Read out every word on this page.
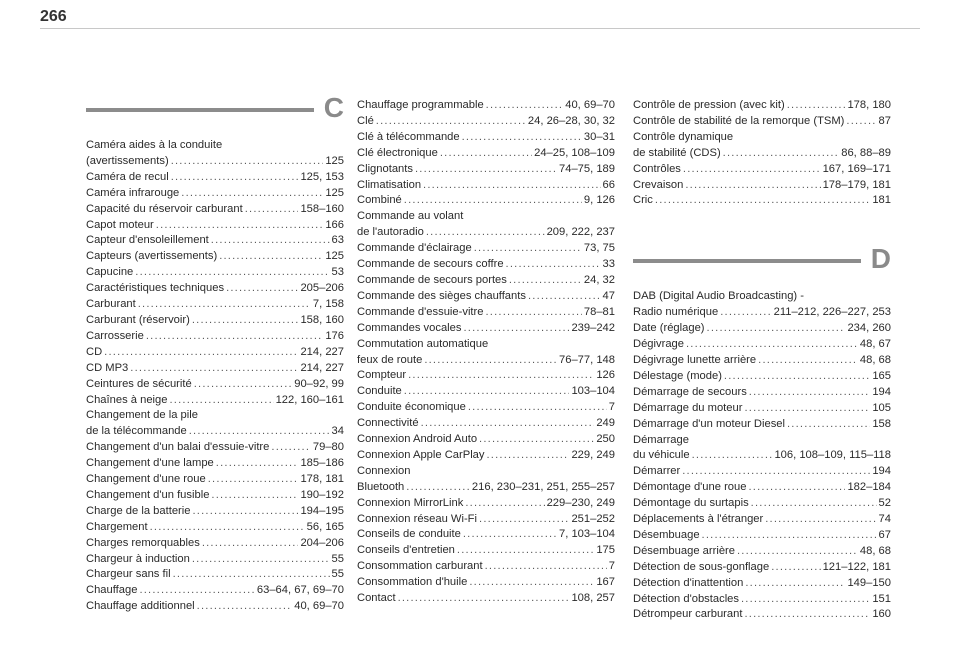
266
C
Caméra aides à la conduite
(avertissements) .....	125
Caméra de recul .....	125, 153
Caméra infrarouge .....	125
Capacité du réservoir carburant .....	158–160
Capot moteur .....	166
Capteur d'ensoleillement .....	63
Capteurs (avertissements) .....	125
Capucine .....	53
Caractéristiques techniques .....	205–206
Carburant .....	7, 158
Carburant (réservoir) .....	158, 160
Carrosserie .....	176
CD .....	214, 227
CD MP3 .....	214, 227
Ceintures de sécurité .....	90–92, 99
Chaînes à neige .....	122, 160–161
Changement de la pile
de la télécommande .....	34
Changement d'un balai d'essuie-vitre .....	79–80
Changement d'une lampe .....	185–186
Changement d'une roue .....	178, 181
Changement d'un fusible .....	190–192
Charge de la batterie .....	194–195
Chargement .....	56, 165
Charges remorquables .....	204–206
Chargeur à induction .....	55
Chargeur sans fil .....	55
Chauffage .....	63–64, 67, 69–70
Chauffage additionnel .....	40, 69–70
Chauffage programmable .....	40, 69–70
Clé .....	24, 26–28, 30, 32
Clé à télécommande .....	30–31
Clé électronique .....	24–25, 108–109
Clignotants .....	74–75, 189
Climatisation .....	66
Combiné .....	9, 126
Commande au volant
de l'autoradio .....	209, 222, 237
Commande d'éclairage .....	73, 75
Commande de secours coffre .....	33
Commande de secours portes .....	24, 32
Commande des sièges chauffants .....	47
Commande d'essuie-vitre .....	78–81
Commandes vocales .....	239–242
Commutation automatique
feux de route .....	76–77, 148
Compteur .....	126
Conduite .....	103–104
Conduite économique .....	7
Connectivité .....	249
Connexion Android Auto .....	250
Connexion Apple CarPlay .....	229, 249
Connexion
Bluetooth .....	216, 230–231, 251, 255–257
Connexion MirrorLink .....	229–230, 249
Connexion réseau Wi-Fi .....	251–252
Conseils de conduite .....	7, 103–104
Conseils d'entretien .....	175
Consommation carburant .....	7
Consommation d'huile .....	167
Contact .....	108, 257
Contrôle de pression (avec kit) .....	178, 180
Contrôle de stabilité de la remorque (TSM) .....	87
Contrôle dynamique
de stabilité (CDS) .....	86, 88–89
Contrôles .....	167, 169–171
Crevaison .....	178–179, 181
Cric .....	181
D
DAB (Digital Audio Broadcasting) -
Radio numérique .....	211–212, 226–227, 253
Date (réglage) .....	234, 260
Dégivrage .....	48, 67
Dégivrage lunette arrière .....	48, 68
Délestage (mode) .....	165
Démarrage de secours .....	194
Démarrage du moteur .....	105
Démarrage d'un moteur Diesel .....	158
Démarrage
du véhicule .....	106, 108–109, 115–118
Démarrer .....	194
Démontage d'une roue .....	182–184
Démontage du surtapis .....	52
Déplacements à l'étranger .....	74
Désembuage .....	67
Désembuage arrière .....	48, 68
Détection de sous-gonflage .....	121–122, 181
Détection d'inattention .....	149–150
Détection d'obstacles .....	151
Détrompeur carburant .....	160
